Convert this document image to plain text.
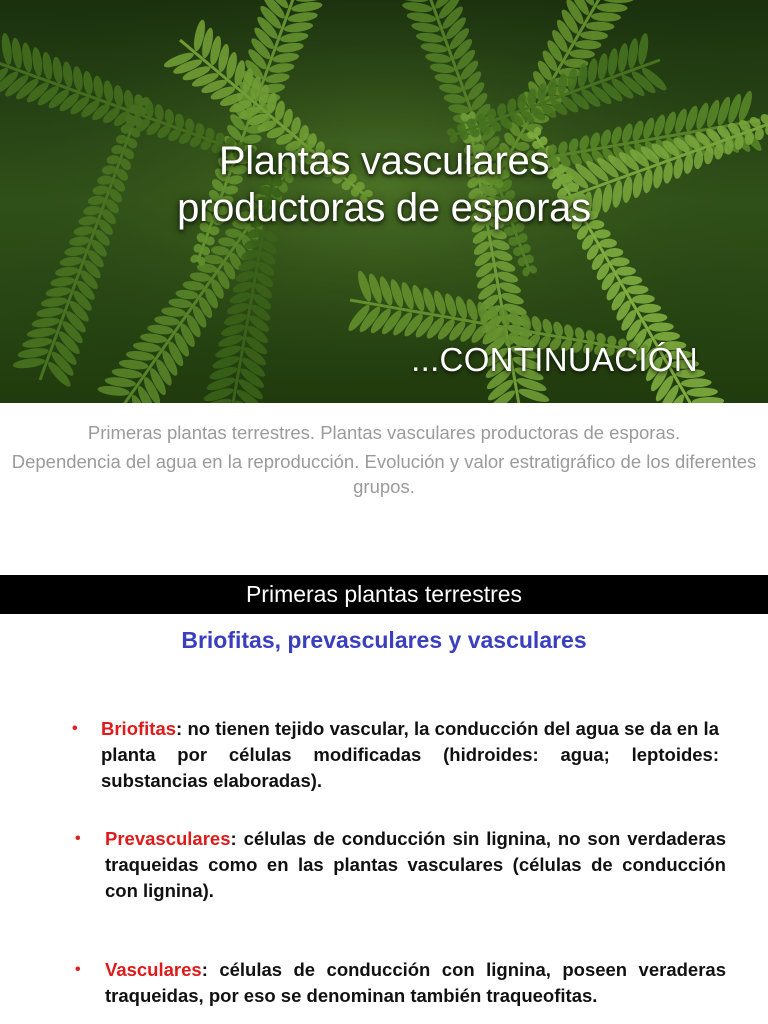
Plantas vasculares
productoras de esporas
...CONTINUACIÓN

Primeras plantas terrestres. Plantas vasculares productoras de esporas.

Dependencia del agua en la reproducción. Evolución y valor estratigráfico de los diferentes grupos.

Primeras plantas terrestres
Briofitas, prevasculares y vasculares
• Briofitas: no tienen tejido vascular, la conducción del agua se da en la planta por células modificadas (hidroides: agua; leptoides: substancias elaboradas).
• Prevasculares: células de conducción sin lignina, no son verdaderas traqueidas como en las plantas vasculares (células de conducción con lignina).
• Vasculares: células de conducción con lignina, poseen veraderas traqueidas, por eso se denominan también traqueofitas.
